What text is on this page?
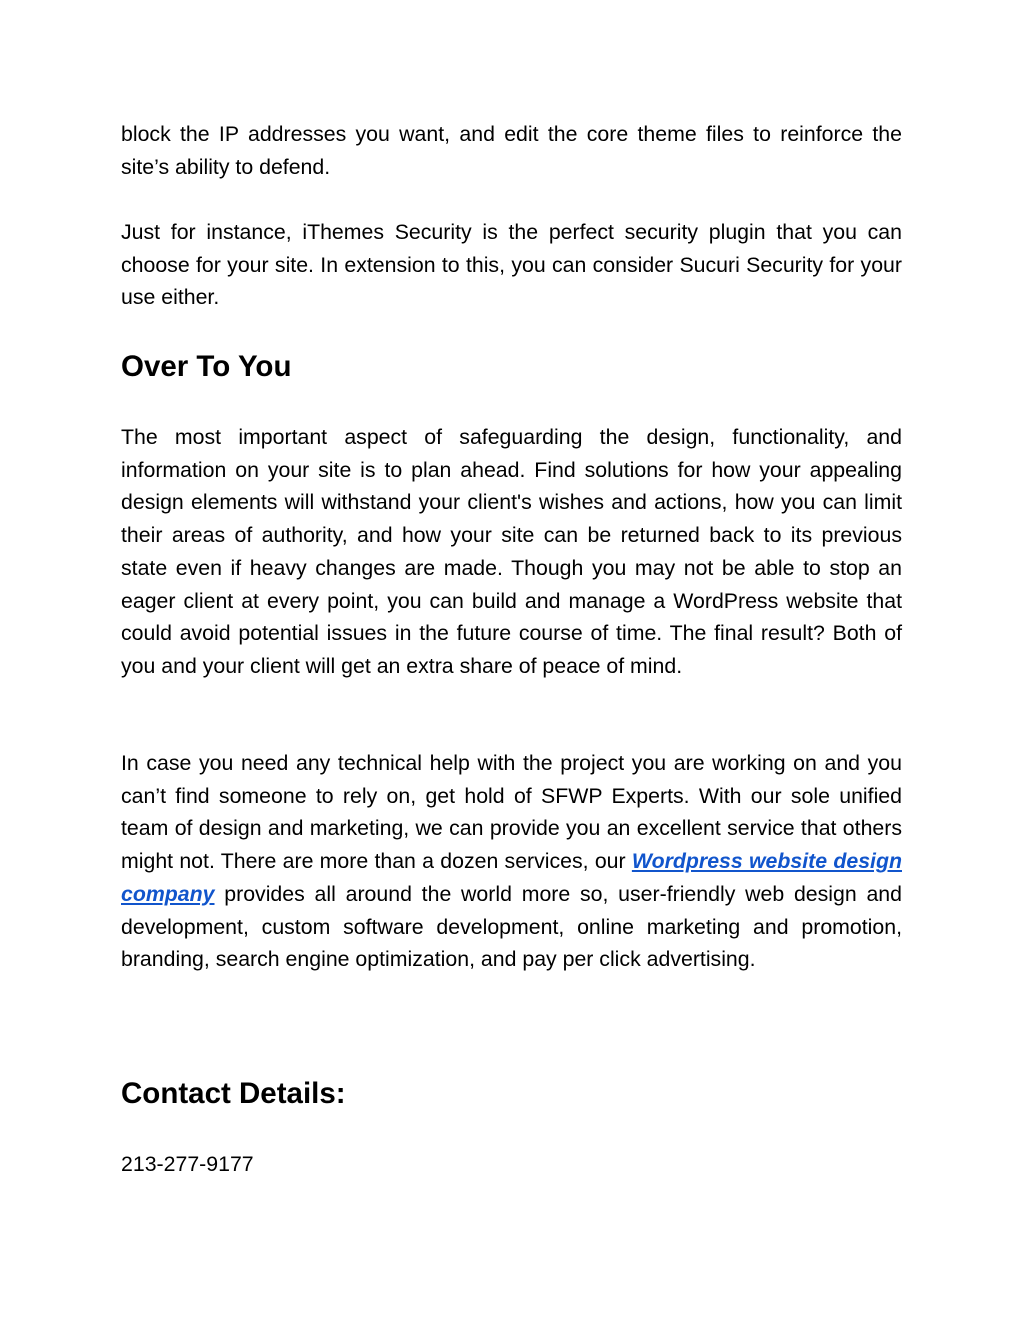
block the IP addresses you want, and edit the core theme files to reinforce the site’s ability to defend.

Just for instance, iThemes Security is the perfect security plugin that you can choose for your site. In extension to this, you can consider Sucuri Security for your use either.

Over To You

The most important aspect of safeguarding the design, functionality, and information on your site is to plan ahead. Find solutions for how your appealing design elements will withstand your client's wishes and actions, how you can limit their areas of authority, and how your site can be returned back to its previous state even if heavy changes are made. Though you may not be able to stop an eager client at every point, you can build and manage a WordPress website that could avoid potential issues in the future course of time. The final result? Both of you and your client will get an extra share of peace of mind.

In case you need any technical help with the project you are working on and you can’t find someone to rely on, get hold of SFWP Experts. With our sole unified team of design and marketing, we can provide you an excellent service that others might not. There are more than a dozen services, our Wordpress website design company provides all around the world more so, user-friendly web design and development, custom software development, online marketing and promotion, branding, search engine optimization, and pay per click advertising.

Contact Details:

213-277-9177
